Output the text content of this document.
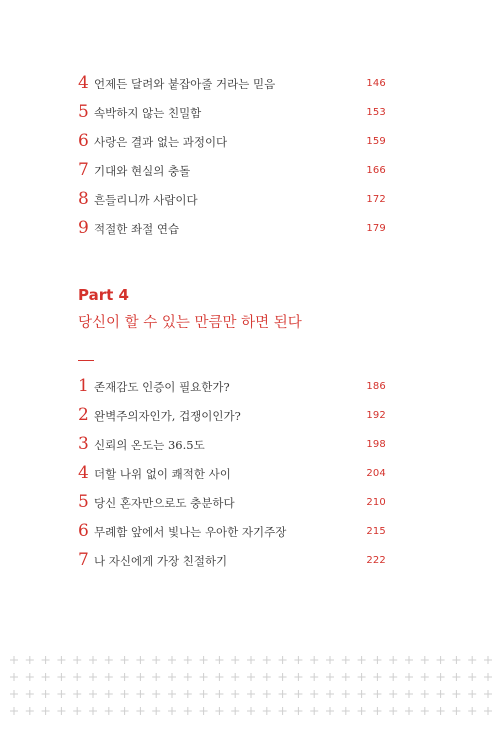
4 언제든 달려와 붙잡아줄 거라는 믿음	146
5 속박하지 않는 친밀함	153
6 사랑은 결과 없는 과정이다	159
7 기대와 현실의 충돌	166
8 흔들리니까 사람이다	172
9 적절한 좌절 연습	179
Part 4
당신이 할 수 있는 만큼만 하면 된다
1 존재감도 인증이 필요한가?	186
2 완벽주의자인가, 겁쟁이인가?	192
3 신뢰의 온도는 36.5도	198
4 더할 나위 없이 쾌적한 사이	204
5 당신 혼자만으로도 충분하다	210
6 무례함 앞에서 빛나는 우아한 자기주장	215
7 나 자신에게 가장 친절하기	222
